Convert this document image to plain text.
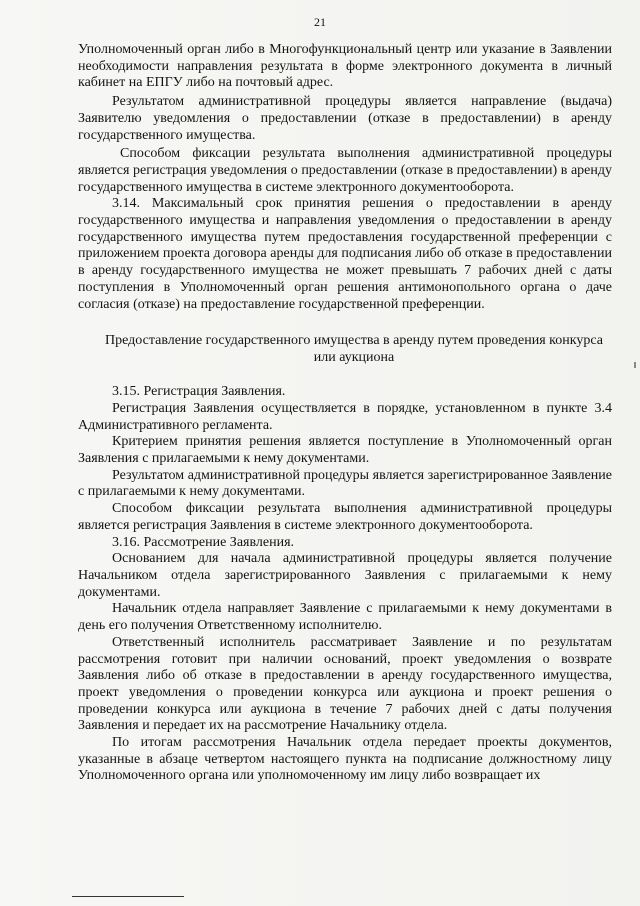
21

Уполномоченный орган либо в Многофункциональный центр или указание в Заявлении необходимости направления результата в форме электронного документа в личный кабинет на ЕПГУ либо на почтовый адрес.

Результатом административной процедуры является направление (выдача) Заявителю уведомления о предоставлении (отказе в предоставлении) в аренду государственного имущества.

Способом фиксации результата выполнения административной процедуры является регистрация уведомления о предоставлении (отказе в предоставлении) в аренду государственного имущества в системе электронного документооборота.

3.14. Максимальный срок принятия решения о предоставлении в аренду государственного имущества и направления уведомления о предоставлении в аренду государственного имущества путем предоставления государственной преференции с приложением проекта договора аренды для подписания либо об отказе в предоставлении в аренду государственного имущества не может превышать 7 рабочих дней с даты поступления в Уполномоченный орган решения антимонопольного органа о даче согласия (отказе) на предоставление государственной преференции.

Предоставление государственного имущества в аренду путем проведения конкурса или аукциона

3.15. Регистрация Заявления.

Регистрация Заявления осуществляется в порядке, установленном в пункте 3.4 Административного регламента.

Критерием принятия решения является поступление в Уполномоченный орган Заявления с прилагаемыми к нему документами.

Результатом административной процедуры является зарегистрированное Заявление с прилагаемыми к нему документами.

Способом фиксации результата выполнения административной процедуры является регистрация Заявления в системе электронного документооборота.

3.16. Рассмотрение Заявления.

Основанием для начала административной процедуры является получение Начальником отдела зарегистрированного Заявления с прилагаемыми к нему документами.

Начальник отдела направляет Заявление с прилагаемыми к нему документами в день его получения Ответственному исполнителю.

Ответственный исполнитель рассматривает Заявление и по результатам рассмотрения готовит при наличии оснований, проект уведомления о возврате Заявления либо об отказе в предоставлении в аренду государственного имущества, проект уведомления о проведении конкурса или аукциона и проект решения о проведении конкурса или аукциона в течение 7 рабочих дней с даты получения Заявления и передает их на рассмотрение Начальнику отдела.

По итогам рассмотрения Начальник отдела передает проекты документов, указанные в абзаце четвертом настоящего пункта на подписание должностному лицу Уполномоченного органа или уполномоченному им лицу либо возвращает их
